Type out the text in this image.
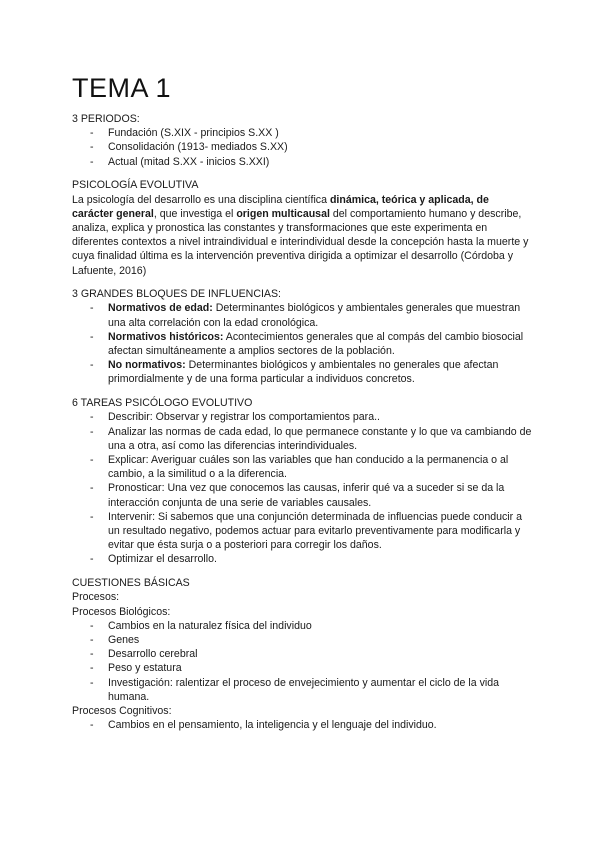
TEMA 1
3 PERIODOS:
- Fundación (S.XIX - principios S.XX )
- Consolidación (1913- mediados S.XX)
- Actual (mitad S.XX - inicios S.XXI)
PSICOLOGÍA EVOLUTIVA

La psicología del desarrollo es una disciplina científica dinámica, teórica y aplicada, de carácter general, que investiga el origen multicausal del comportamiento humano y describe, analiza, explica y pronostica las constantes y transformaciones que este experimenta en diferentes contextos a nivel intraindividual e interindividual desde la concepción hasta la muerte y cuya finalidad última es la intervención preventiva dirigida a optimizar el desarrollo (Córdoba y Lafuente, 2016)

3 GRANDES BLOQUES DE INFLUENCIAS:
- Normativos de edad: Determinantes biológicos y ambientales generales que muestran una alta correlación con la edad cronológica.
- Normativos históricos: Acontecimientos generales que al compás del cambio biosocial afectan simultáneamente a amplios sectores de la población.
- No normativos: Determinantes biológicos y ambientales no generales que afectan primordialmente y de una forma particular a individuos concretos.
6 TAREAS PSICÓLOGO EVOLUTIVO
- Describir: Observar y registrar los comportamientos para..
- Analizar las normas de cada edad, lo que permanece constante y lo que va cambiando de una a otra, así como las diferencias interindividuales.
- Explicar: Averiguar cuáles son las variables que han conducido a la permanencia o al cambio, a la similitud o a la diferencia.
- Pronosticar: Una vez que conocemos las causas, inferir qué va a suceder si se da la interacción conjunta de una serie de variables causales.
- Intervenir: Si sabemos que una conjunción determinada de influencias puede conducir a un resultado negativo, podemos actuar para evitarlo preventivamente para modificarla y evitar que ésta surja o a posteriori para corregir los daños.
- Optimizar el desarrollo.
CUESTIONES BÁSICAS
Procesos:
Procesos Biológicos:
- Cambios en la naturalez física del individuo
- Genes
- Desarrollo cerebral
- Peso y estatura
- Investigación: ralentizar el proceso de envejecimiento y aumentar el ciclo de la vida humana.
Procesos Cognitivos:
- Cambios en el pensamiento, la inteligencia y el lenguaje del individuo.
